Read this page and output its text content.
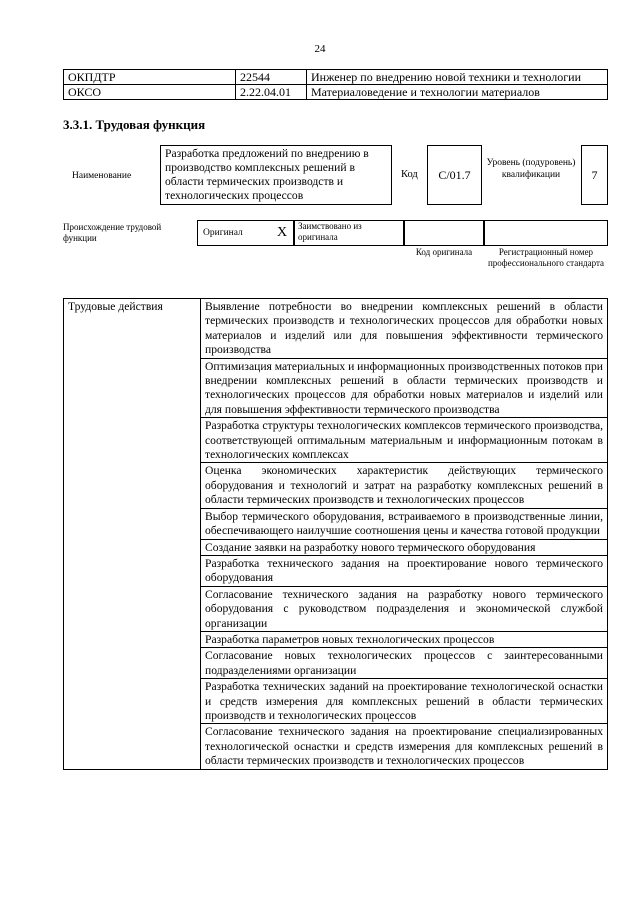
24
ОКПДТР	22544	Инженер по внедрению новой техники и технологии
ОКСО	2.22.04.01	Материаловедение и технологии материалов
3.3.1. Трудовая функция
Наименование
Разработка предложений по внедрению в производство комплексных решений в области термических производств и технологических процессов
Код	C/01.7
Уровень (подуровень) квалификации	7
Происхождение трудовой функции	Оригинал X	Заимствовано из оригинала
Код оригинала	Регистрационный номер профессионального стандарта
Трудовые действия	Выявление потребности во внедрении комплексных решений в области термических производств и технологических процессов для обработки новых материалов и изделий или для повышения эффективности термического производства
Оптимизация материальных и информационных производственных потоков при внедрении комплексных решений в области термических производств и технологических процессов для обработки новых материалов и изделий или для повышения эффективности термического производства
Разработка структуры технологических комплексов термического производства, соответствующей оптимальным материальным и информационным потокам в технологических комплексах
Оценка экономических характеристик действующих термического оборудования и технологий и затрат на разработку комплексных решений в области термических производств и технологических процессов
Выбор термического оборудования, встраиваемого в производственные линии, обеспечивающего наилучшие соотношения цены и качества готовой продукции
Создание заявки на разработку нового термического оборудования
Разработка технического задания на проектирование нового термического оборудования
Согласование технического задания на разработку нового термического оборудования с руководством подразделения и экономической службой организации
Разработка параметров новых технологических процессов
Согласование новых технологических процессов с заинтересованными подразделениями организации
Разработка технических заданий на проектирование технологической оснастки и средств измерения для комплексных решений в области термических производств и технологических процессов
Согласование технического задания на проектирование специализированных технологической оснастки и средств измерения для комплексных решений в области термических производств и технологических процессов
